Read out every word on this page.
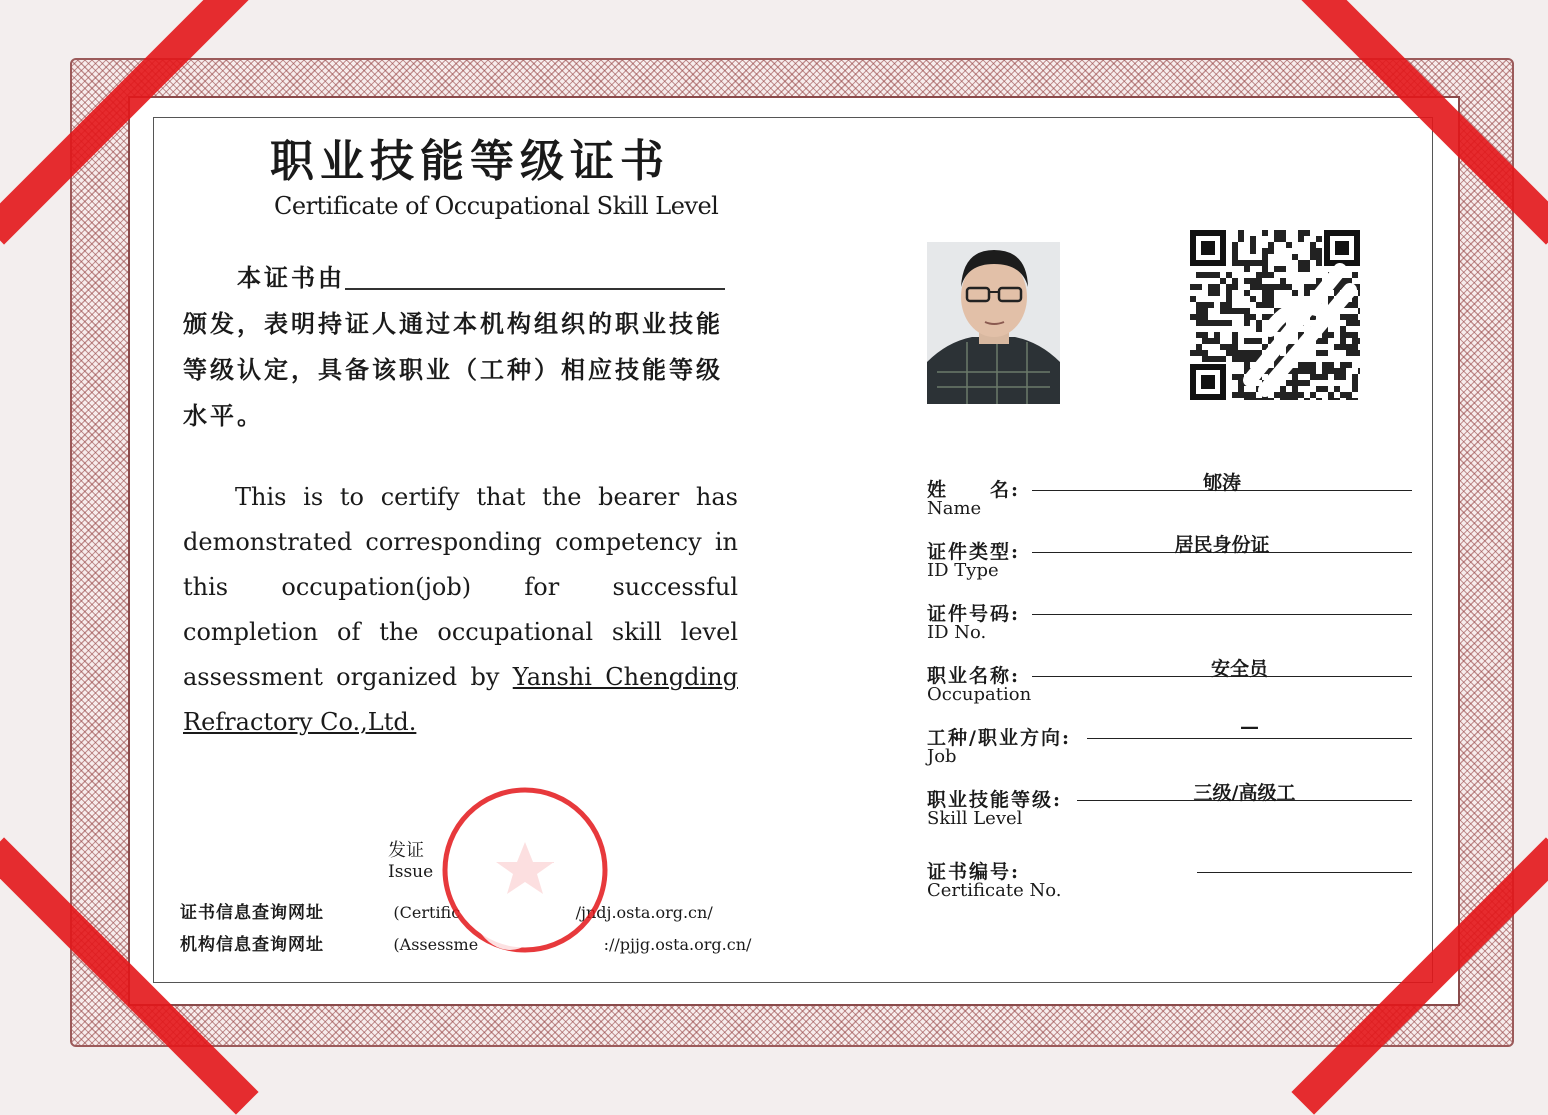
职业技能等级证书
Certificate of Occupational Skill Level
本证书由
颁发，表明持证人通过本机构组织的职业技能
等级认定，具备该职业（工种）相应技能等级
水平。
This is to certify that the bearer has demonstrated corresponding competency in this occupation(job) for successful completion of the occupational skill level assessment organized by Yanshi Chengding Refractory Co.,Ltd.
姓　　名:
Name
郇涛
证件类型:
ID Type
居民身份证
证件号码:
ID No.
职业名称:
Occupation
安全员
工种/职业方向:
Job
—
职业技能等级:
Skill Level
三级/高级工
证书编号:
Certificate No.
发证
Issue
证书信息查询网址	(Certific	/jndj.osta.org.cn/
机构信息查询网址	(Assessme	://pjjg.osta.org.cn/
